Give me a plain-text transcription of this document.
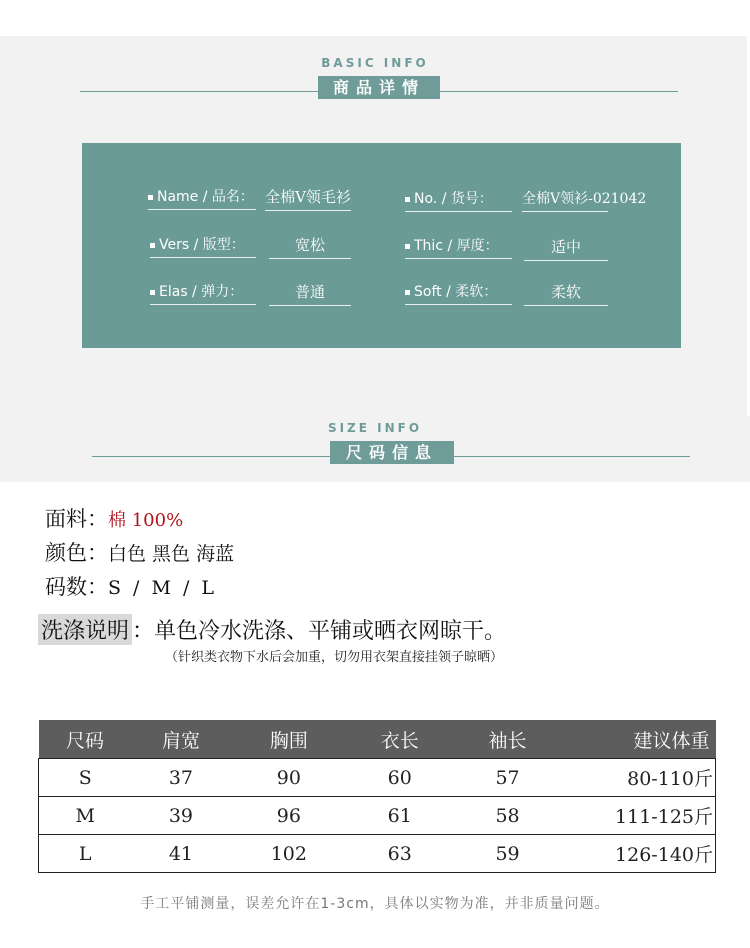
BASIC INFO
商品详情
Name / 品名： 全棉V领毛衫	No. / 货号：	全棉V领衫-021042
Vers / 版型：	宽松	Thic / 厚度：	适中
Elas / 弹力：	普通	Soft / 柔软：	柔软
SIZE INFO
尺码信息
面料：棉 100%
颜色：白色 黑色 海蓝
码数：S / M / L
洗涤说明 ：单色冷水洗涤、平铺或晒衣网晾干。
（针织类衣物下水后会加重，切勿用衣架直接挂领子晾晒）
尺码	肩宽	胸围	衣长	袖长	建议体重
S	37	90	60	57	80-110斤
M	39	96	61	58	111-125斤
L	41	102	63	59	126-140斤
手工平铺测量，误差允许在1-3cm，具体以实物为准，并非质量问题。
